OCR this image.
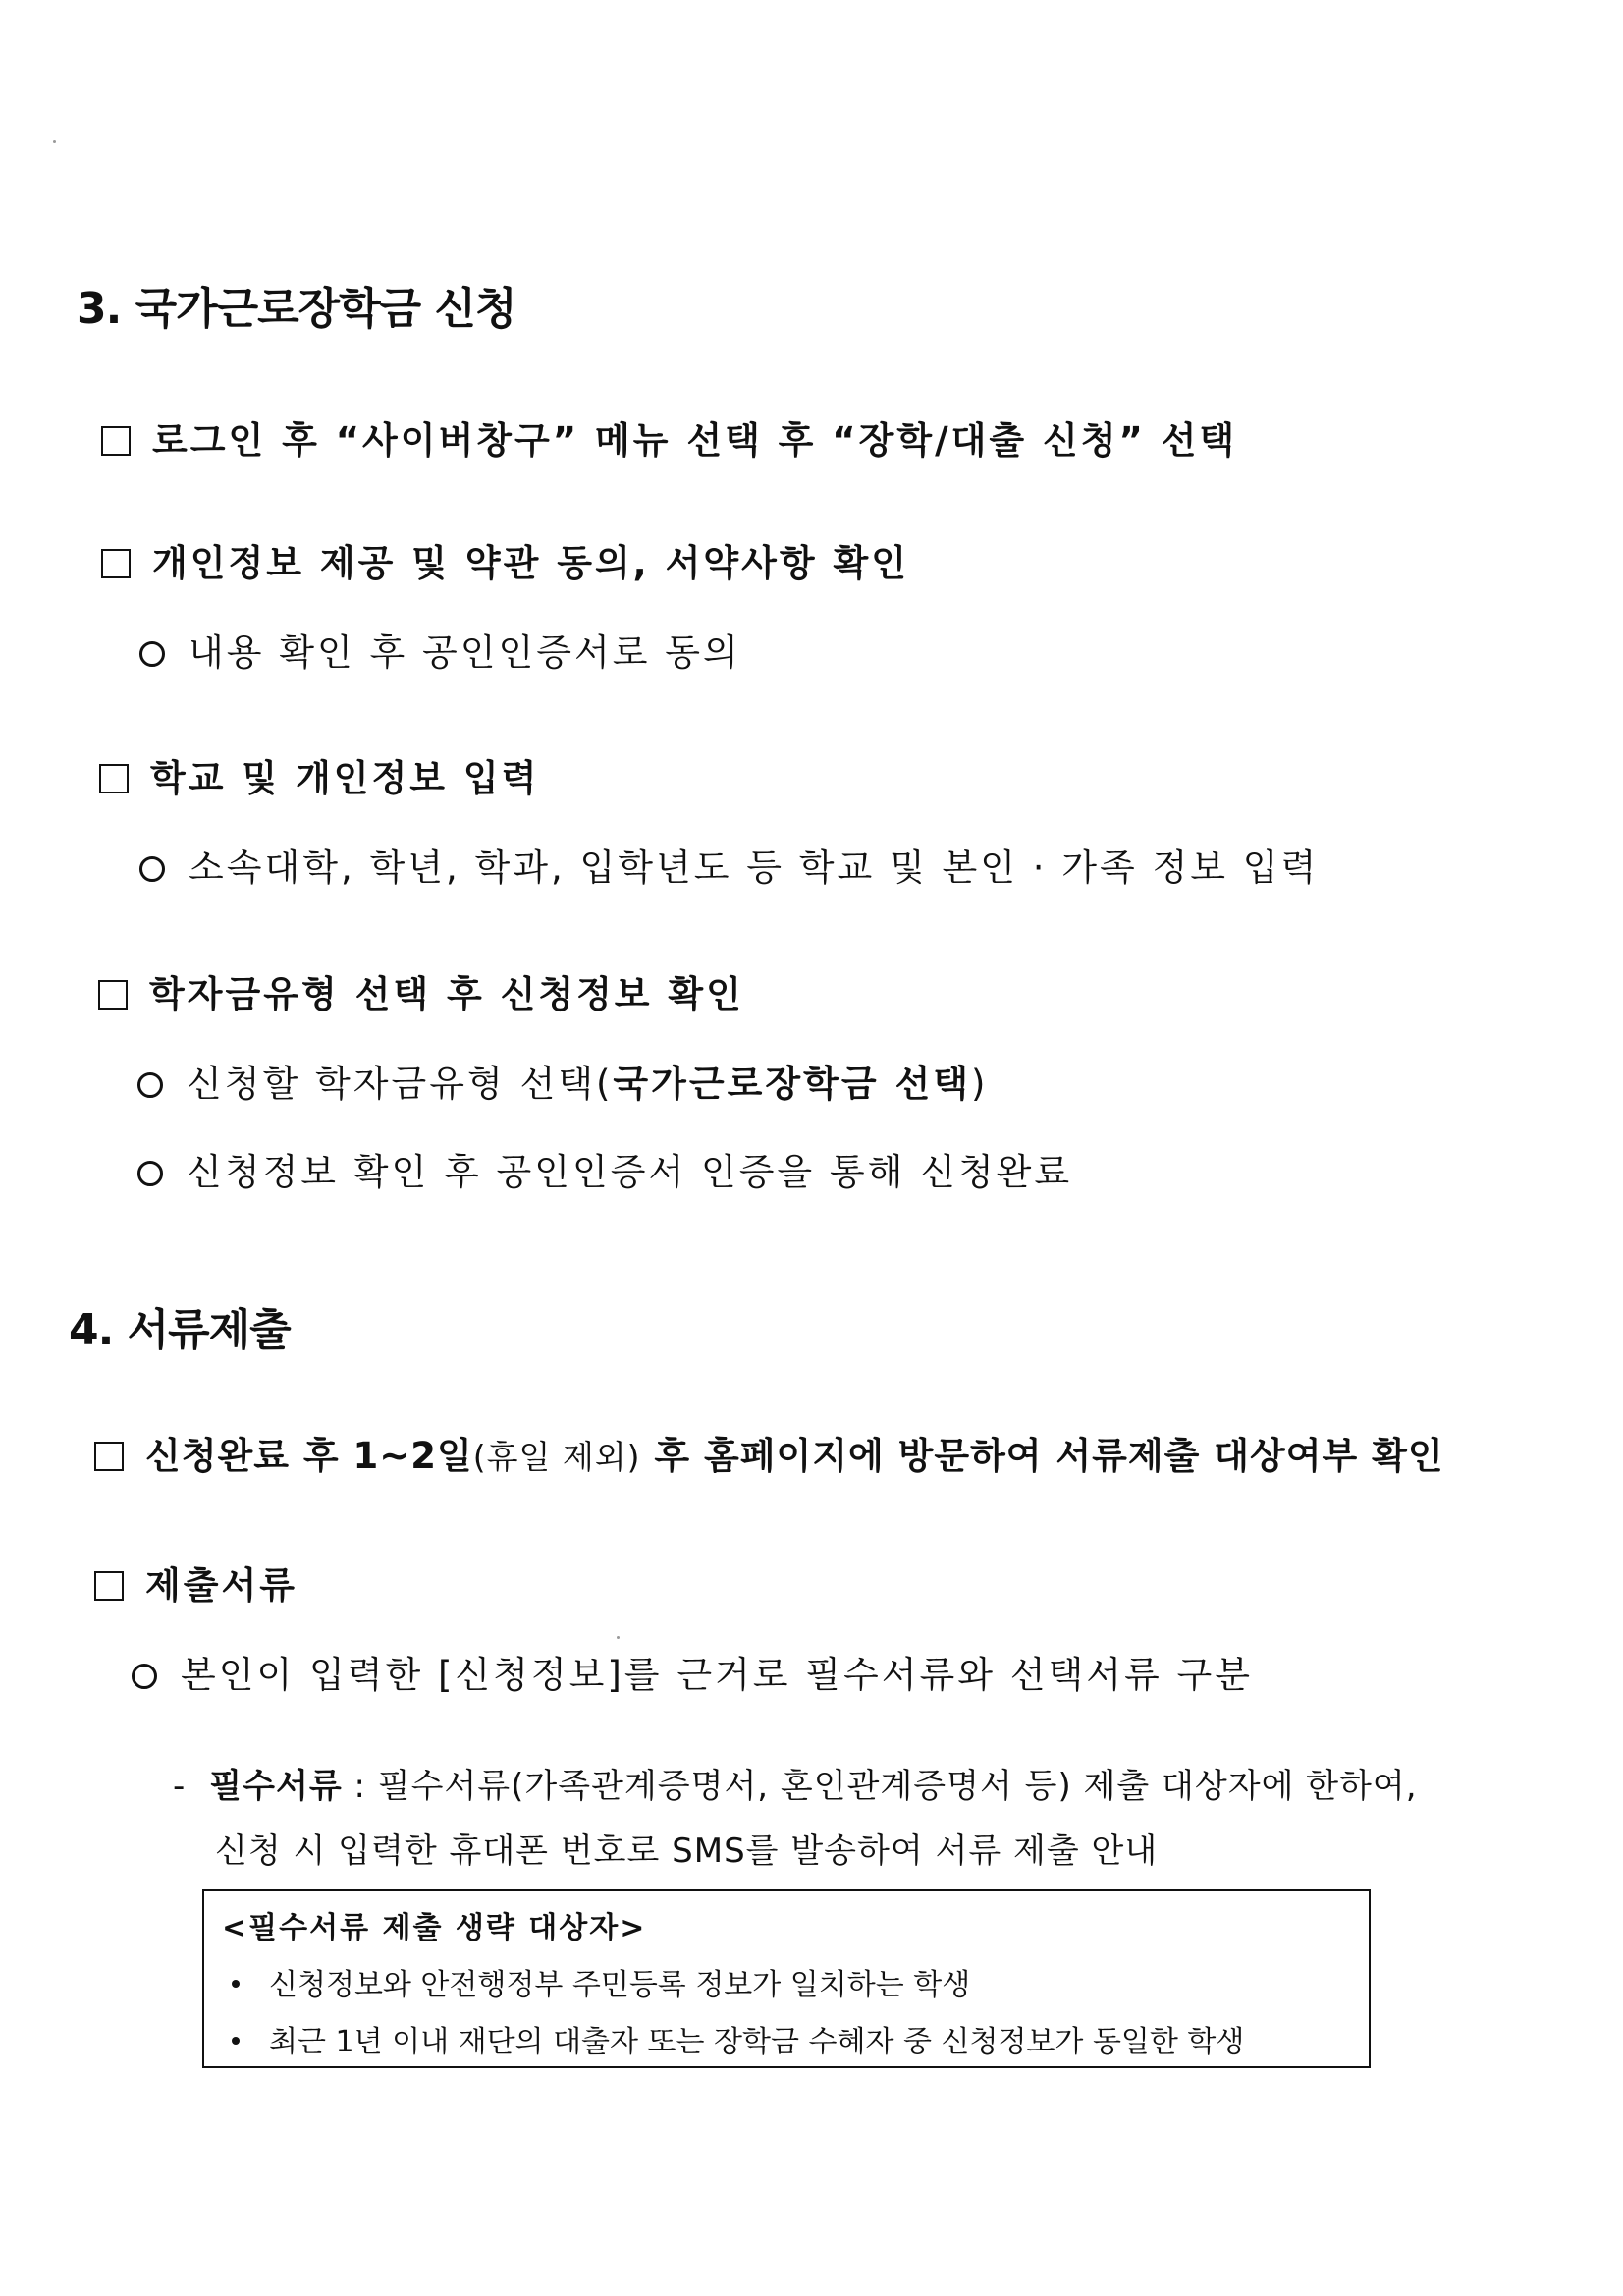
3. 국가근로장학금 신청
로그인 후 “사이버창구” 메뉴 선택 후 “장학/대출 신청” 선택
개인정보 제공 및 약관 동의, 서약사항 확인
내용 확인 후 공인인증서로 동의
학교 및 개인정보 입력
소속대학, 학년, 학과, 입학년도 등 학교 및 본인 · 가족 정보 입력
학자금유형 선택 후 신청정보 확인
신청할 학자금유형 선택(국가근로장학금 선택)
신청정보 확인 후 공인인증서 인증을 통해 신청완료
4. 서류제출
신청완료 후 1~2일(휴일 제외) 후 홈페이지에 방문하여 서류제출 대상여부 확인
제출서류
본인이 입력한 [신청정보]를 근거로 필수서류와 선택서류 구분
- 필수서류 : 필수서류(가족관계증명서, 혼인관계증명서 등) 제출 대상자에 한하여,
신청 시 입력한 휴대폰 번호로 SMS를 발송하여 서류 제출 안내
<필수서류 제출 생략 대상자>
신청정보와 안전행정부 주민등록 정보가 일치하는 학생
최근 1년 이내 재단의 대출자 또는 장학금 수혜자 중 신청정보가 동일한 학생
